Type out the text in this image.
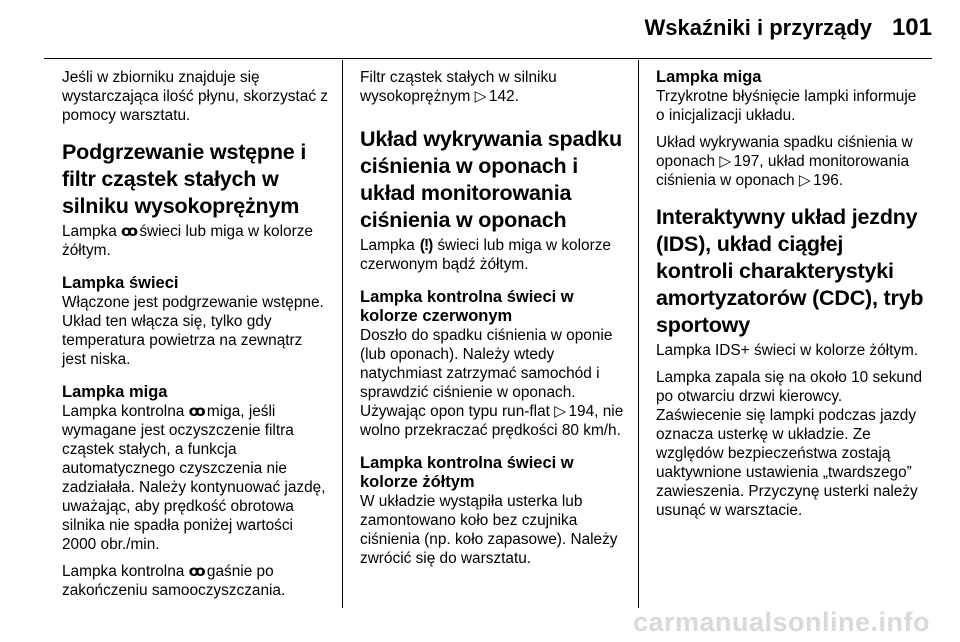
Wskaźniki i przyrządy 101

Jeśli w zbiorniku znajduje się wystarczająca ilość płynu, skorzystać z pomocy warsztatu.

Podgrzewanie wstępne i filtr cząstek stałych w silniku wysokoprężnym

Lampka ꝏ świeci lub miga w kolorze żółtym.

Lampka świeci

Włączone jest podgrzewanie wstępne. Układ ten włącza się, tylko gdy temperatura powietrza na zewnątrz jest niska.

Lampka miga

Lampka kontrolna ꝏ miga, jeśli wymagane jest oczyszczenie filtra cząstek stałych, a funkcja automatycznego czyszczenia nie zadziałała. Należy kontynuować jazdę, uważając, aby prędkość obrotowa silnika nie spadła poniżej wartości 2000 obr./min.

Lampka kontrolna ꝏ gaśnie po zakończeniu samooczyszczania.

Filtr cząstek stałych w silniku wysokoprężnym ▷ 142.

Układ wykrywania spadku ciśnienia w oponach i układ monitorowania ciśnienia w oponach

Lampka (!) świeci lub miga w kolorze czerwonym bądź żółtym.

Lampka kontrolna świeci w kolorze czerwonym

Doszło do spadku ciśnienia w oponie (lub oponach). Należy wtedy natychmiast zatrzymać samochód i sprawdzić ciśnienie w oponach. Używając opon typu run-flat ▷ 194, nie wolno przekraczać prędkości 80 km/h.

Lampka kontrolna świeci w kolorze żółtym

W układzie wystąpiła usterka lub zamontowano koło bez czujnika ciśnienia (np. koło zapasowe). Należy zwrócić się do warsztatu.

Lampka miga

Trzykrotne błyśnięcie lampki informuje o inicjalizacji układu.

Układ wykrywania spadku ciśnienia w oponach ▷ 197, układ monitorowania ciśnienia w oponach ▷ 196.

Interaktywny układ jezdny (IDS), układ ciągłej kontroli charakterystyki amortyzatorów (CDC), tryb sportowy

Lampka IDS+ świeci w kolorze żółtym.

Lampka zapala się na około 10 sekund po otwarciu drzwi kierowcy. Zaświecenie się lampki podczas jazdy oznacza usterkę w układzie. Ze względów bezpieczeństwa zostają uaktywnione ustawienia „twardszego” zawieszenia. Przyczynę usterki należy usunąć w warsztacie.

carmanualsonline.info
